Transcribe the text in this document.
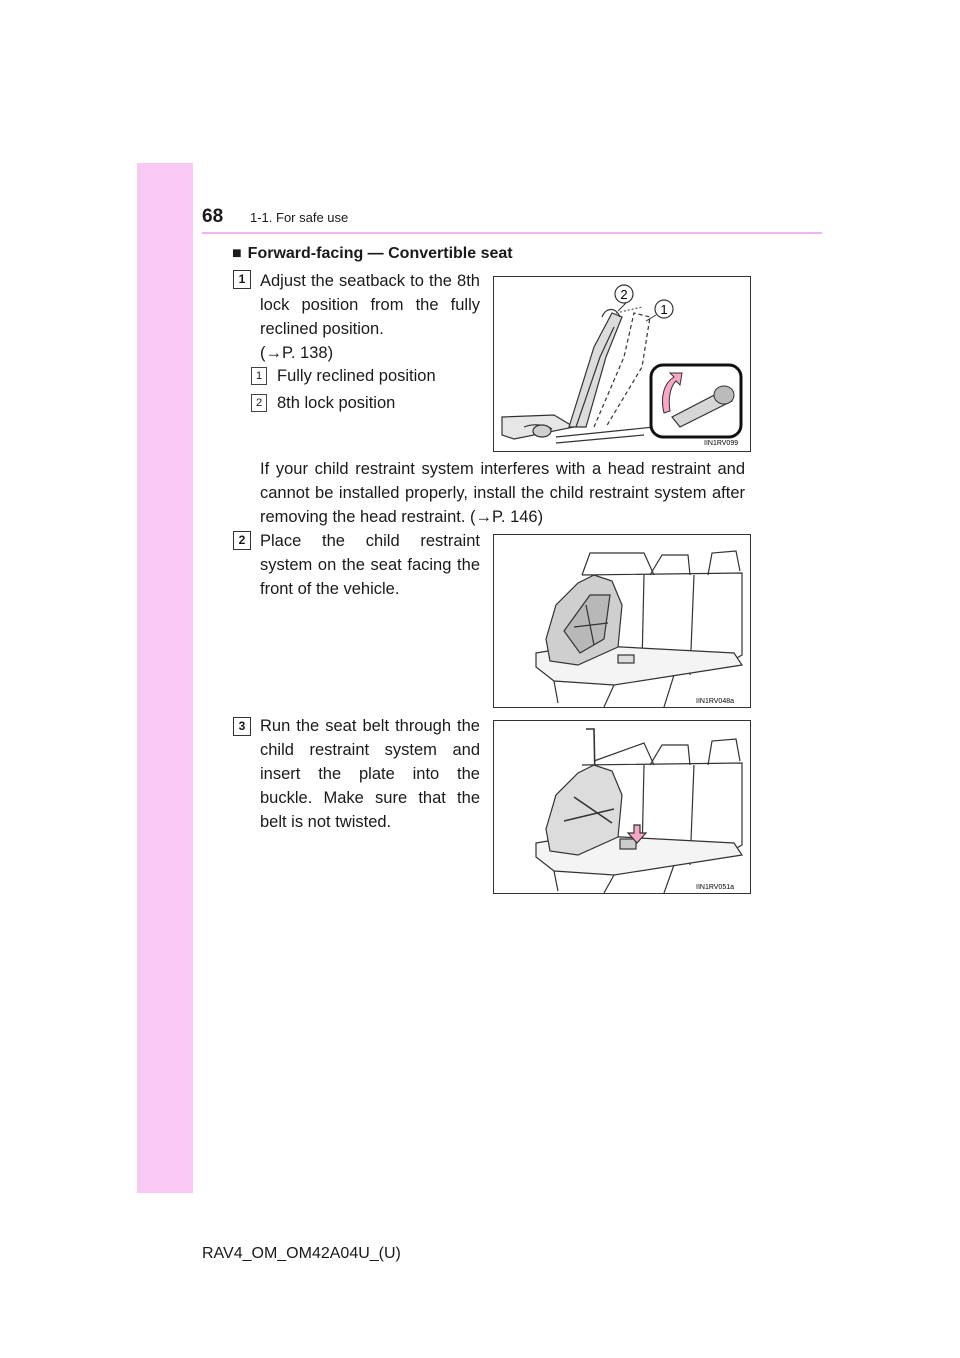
68 1-1. For safe use
■ Forward-facing — Convertible seat
1 Adjust the seatback to the 8th lock position from the fully reclined position.
(→P. 138)
1 Fully reclined position
2 8th lock position
2
1
IIN1RV099
If your child restraint system interferes with a head restraint and cannot be installed properly, install the child restraint system after removing the head restraint. (→P. 146)
2 Place the child restraint system on the seat facing the front of the vehicle.
IIN1RV048a
3 Run the seat belt through the child restraint system and insert the plate into the buckle. Make sure that the belt is not twisted.
IIN1RV051a
RAV4_OM_OM42A04U_(U)
